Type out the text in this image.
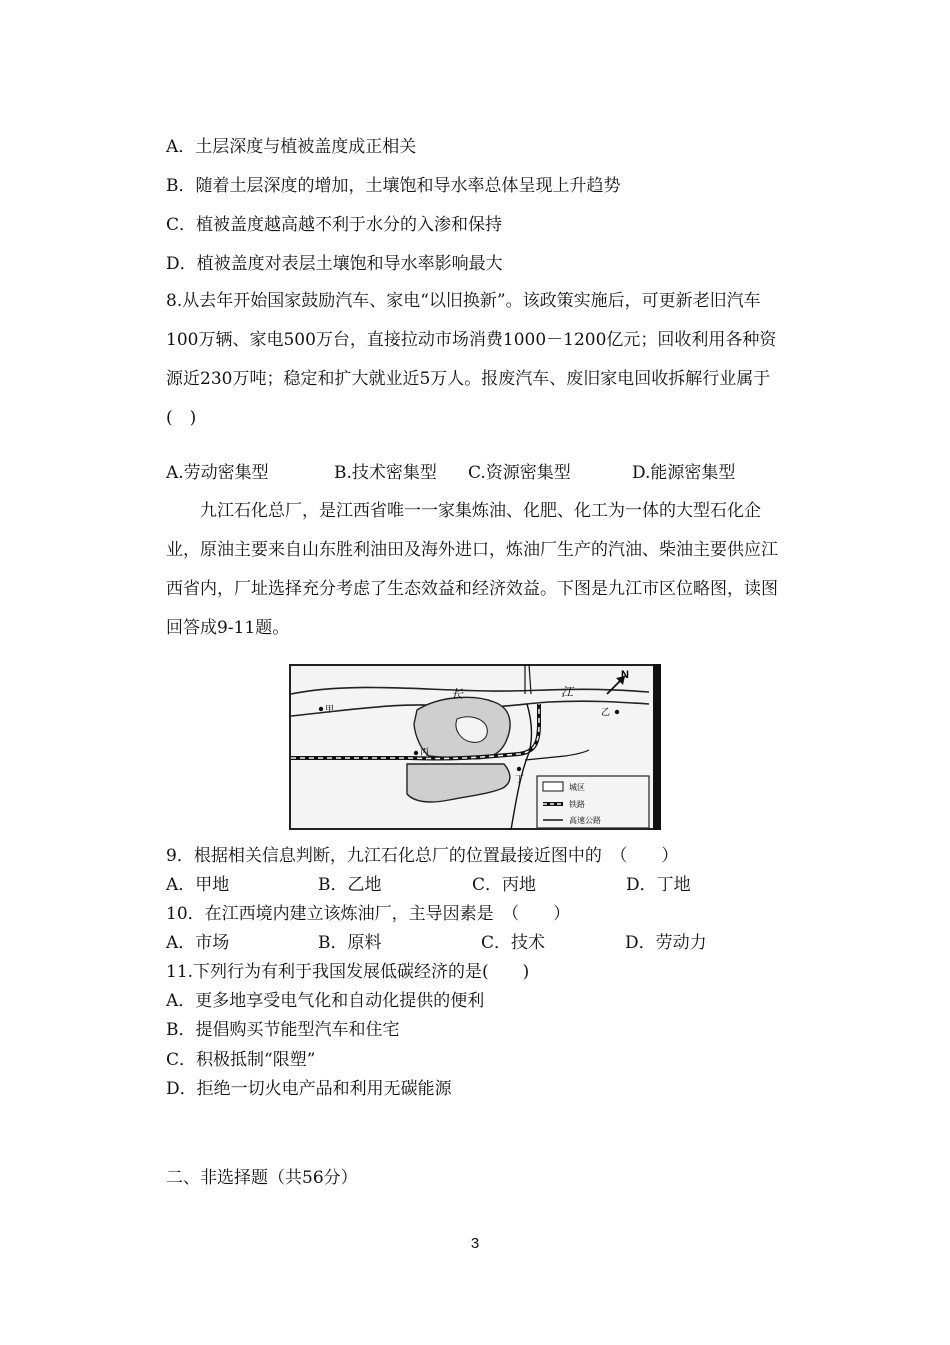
A．土层深度与植被盖度成正相关
B．随着土层深度的增加，土壤饱和导水率总体呈现上升趋势
C．植被盖度越高越不利于水分的入渗和保持
D．植被盖度对表层土壤饱和导水率影响最大
8.从去年开始国家鼓励汽车、家电“以旧换新”。该政策实施后，可更新老旧汽车100万辆、家电500万台，直接拉动市场消费1000－1200亿元；回收利用各种资源近230万吨；稳定和扩大就业近5万人。报废汽车、废旧家电回收拆解行业属于(　)
A.劳动密集型	B.技术密集型 C.资源密集型	D.能源密集型
九江石化总厂，是江西省唯一一家集炼油、化肥、化工为一体的大型石化企业，原油主要来自山东胜利油田及海外进口，炼油厂生产的汽油、柴油主要供应江西省内，厂址选择充分考虑了生态效益和经济效益。下图是九江市区位略图，读图回答成9-11题。
长	江
N
甲	乙
丙
丁
城区
铁路
高速公路
9．根据相关信息判断，九江石化总厂的位置最接近图中的　（　　）
A．甲地	B．乙地	C．丙地	D．丁地
10．在江西境内建立该炼油厂，主导因素是　（　　）
A．市场	B．原料	C．技术	D．劳动力
11.下列行为有利于我国发展低碳经济的是(　　)
A．更多地享受电气化和自动化提供的便利
B．提倡购买节能型汽车和住宅
C．积极抵制“限塑”
D．拒绝一切火电产品和利用无碳能源
二、非选择题（共56分）
3
